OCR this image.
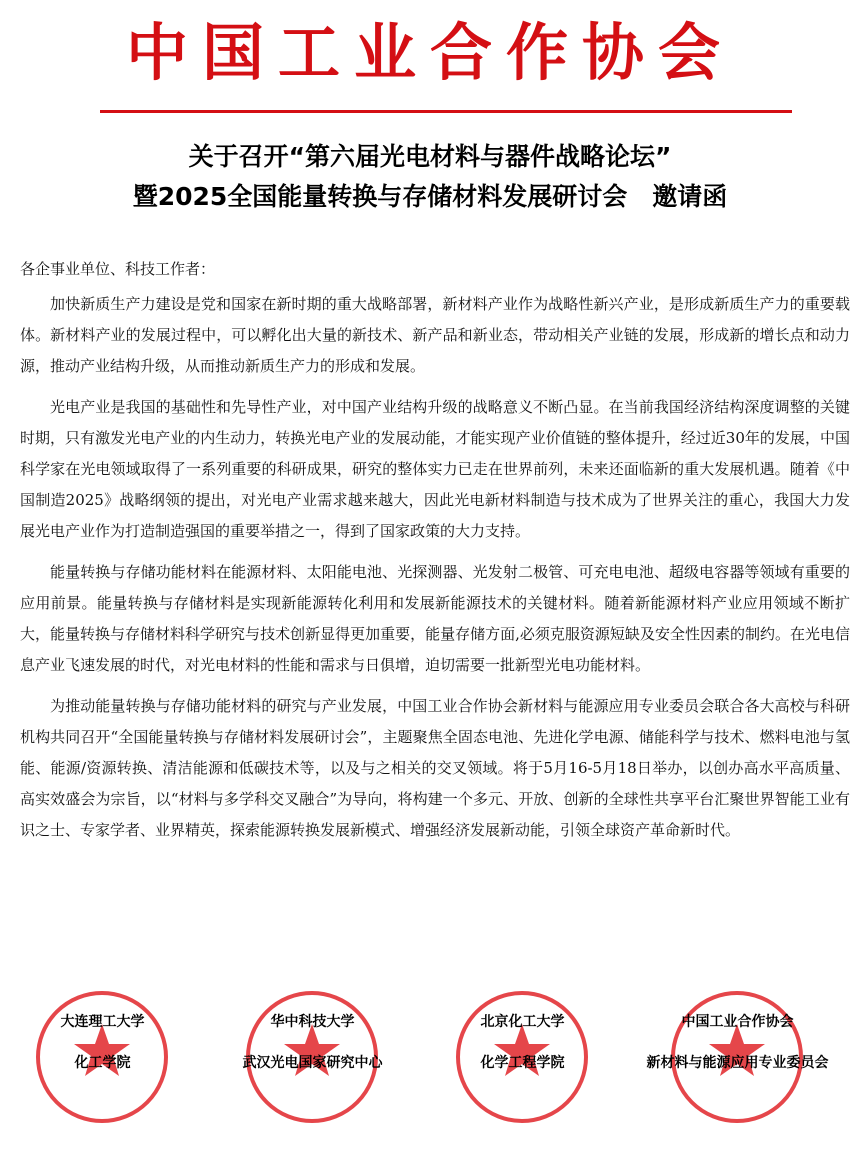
中国工业合作协会
关于召开“第六届光电材料与器件战略论坛”
暨2025全国能量转换与存储材料发展研讨会　邀请函
各企事业单位、科技工作者：

加快新质生产力建设是党和国家在新时期的重大战略部署，新材料产业作为战略性新兴产业，是形成新质生产力的重要载体。新材料产业的发展过程中，可以孵化出大量的新技术、新产品和新业态，带动相关产业链的发展，形成新的增长点和动力源，推动产业结构升级，从而推动新质生产力的形成和发展。

光电产业是我国的基础性和先导性产业，对中国产业结构升级的战略意义不断凸显。在当前我国经济结构深度调整的关键时期，只有激发光电产业的内生动力，转换光电产业的发展动能，才能实现产业价值链的整体提升，经过近30年的发展，中国科学家在光电领域取得了一系列重要的科研成果，研究的整体实力已走在世界前列，未来还面临新的重大发展机遇。随着《中国制造2025》战略纲领的提出，对光电产业需求越来越大，因此光电新材料制造与技术成为了世界关注的重心，我国大力发展光电产业作为打造制造强国的重要举措之一，得到了国家政策的大力支持。

能量转换与存储功能材料在能源材料、太阳能电池、光探测器、光发射二极管、可充电电池、超级电容器等领域有重要的应用前景。能量转换与存储材料是实现新能源转化利用和发展新能源技术的关键材料。随着新能源材料产业应用领域不断扩大，能量转换与存储材料科学研究与技术创新显得更加重要，能量存储方面,必须克服资源短缺及安全性因素的制约。在光电信息产业飞速发展的时代，对光电材料的性能和需求与日俱增，迫切需要一批新型光电功能材料。

为推动能量转换与存储功能材料的研究与产业发展，中国工业合作协会新材料与能源应用专业委员会联合各大高校与科研机构共同召开“全国能量转换与存储材料发展研讨会”，主题聚焦全固态电池、先进化学电源、储能科学与技术、燃料电池与氢能、能源/资源转换、清洁能源和低碳技术等，以及与之相关的交叉领域。将于5月16-5月18日举办，以创办高水平高质量、高实效盛会为宗旨，以“材料与多学科交叉融合”为导向，将构建一个多元、开放、创新的全球性共享平台汇聚世界智能工业有识之士、专家学者、业界精英，探索能源转换发展新模式、增强经济发展新动能，引领全球资产革命新时代。

大连理工大学
化工学院
华中科技大学
武汉光电国家研究中心
北京化工大学
化学工程学院
中国工业合作协会
新材料与能源应用专业委员会
